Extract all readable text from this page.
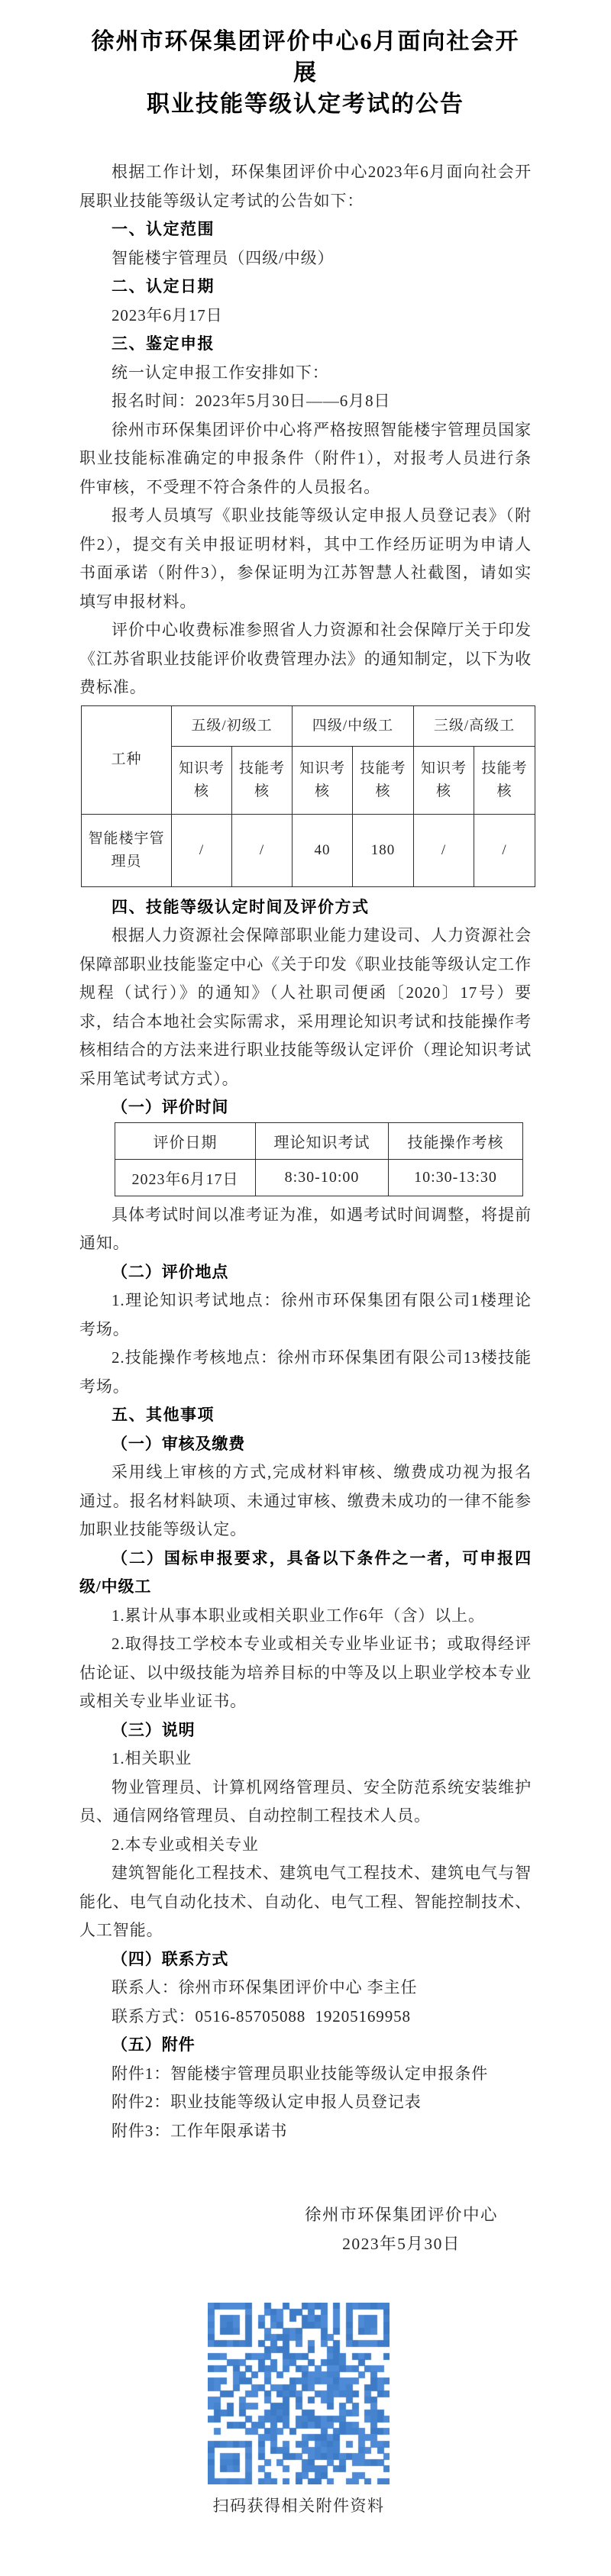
徐州市环保集团评价中心6月面向社会开展
职业技能等级认定考试的公告

根据工作计划，环保集团评价中心2023年6月面向社会开展职业技能等级认定考试的公告如下：

一、认定范围

智能楼宇管理员（四级/中级）

二、认定日期

2023年6月17日

三、鉴定申报

统一认定申报工作安排如下：

报名时间：2023年5月30日——6月8日

徐州市环保集团评价中心将严格按照智能楼宇管理员国家职业技能标准确定的申报条件（附件1），对报考人员进行条件审核，不受理不符合条件的人员报名。

报考人员填写《职业技能等级认定申报人员登记表》（附件2），提交有关申报证明材料，其中工作经历证明为申请人书面承诺（附件3），参保证明为江苏智慧人社截图，请如实填写申报材料。

评价中心收费标准参照省人力资源和社会保障厅关于印发《江苏省职业技能评价收费管理办法》的通知制定，以下为收费标准。

工种	五级/初级工		四级/中级工		三级/高级工	
	知识考核	技能考核	知识考核	技能考核	知识考核	技能考核
智能楼宇管理员	/	/	40	180	/	/

四、技能等级认定时间及评价方式

根据人力资源社会保障部职业能力建设司、人力资源社会保障部职业技能鉴定中心《关于印发《职业技能等级认定工作规程（试行）》的通知》（人社职司便函〔2020〕17号）要求，结合本地社会实际需求，采用理论知识考试和技能操作考核相结合的方法来进行职业技能等级认定评价（理论知识考试采用笔试考试方式）。

（一）评价时间

评价日期	理论知识考试	技能操作考核
2023年6月17日	8:30-10:00	10:30-13:30

具体考试时间以准考证为准，如遇考试时间调整，将提前通知。

（二）评价地点

1.理论知识考试地点：徐州市环保集团有限公司1楼理论考场。

2.技能操作考核地点：徐州市环保集团有限公司13楼技能考场。

五、其他事项

（一）审核及缴费

采用线上审核的方式,完成材料审核、缴费成功视为报名通过。报名材料缺项、未通过审核、缴费未成功的一律不能参加职业技能等级认定。

（二）国标申报要求，具备以下条件之一者，可申报四级/中级工

1.累计从事本职业或相关职业工作6年（含）以上。

2.取得技工学校本专业或相关专业毕业证书；或取得经评估论证、以中级技能为培养目标的中等及以上职业学校本专业或相关专业毕业证书。

（三）说明

1.相关职业

物业管理员、计算机网络管理员、安全防范系统安装维护员、通信网络管理员、自动控制工程技术人员。

2.本专业或相关专业

建筑智能化工程技术、建筑电气工程技术、建筑电气与智能化、电气自动化技术、自动化、电气工程、智能控制技术、人工智能。

（四）联系方式

联系人：徐州市环保集团评价中心 李主任

联系方式：0516-85705088  19205169958

（五）附件

附件1：智能楼宇管理员职业技能等级认定申报条件

附件2：职业技能等级认定申报人员登记表

附件3：工作年限承诺书

徐州市环保集团评价中心
2023年5月30日
扫码获得相关附件资料
